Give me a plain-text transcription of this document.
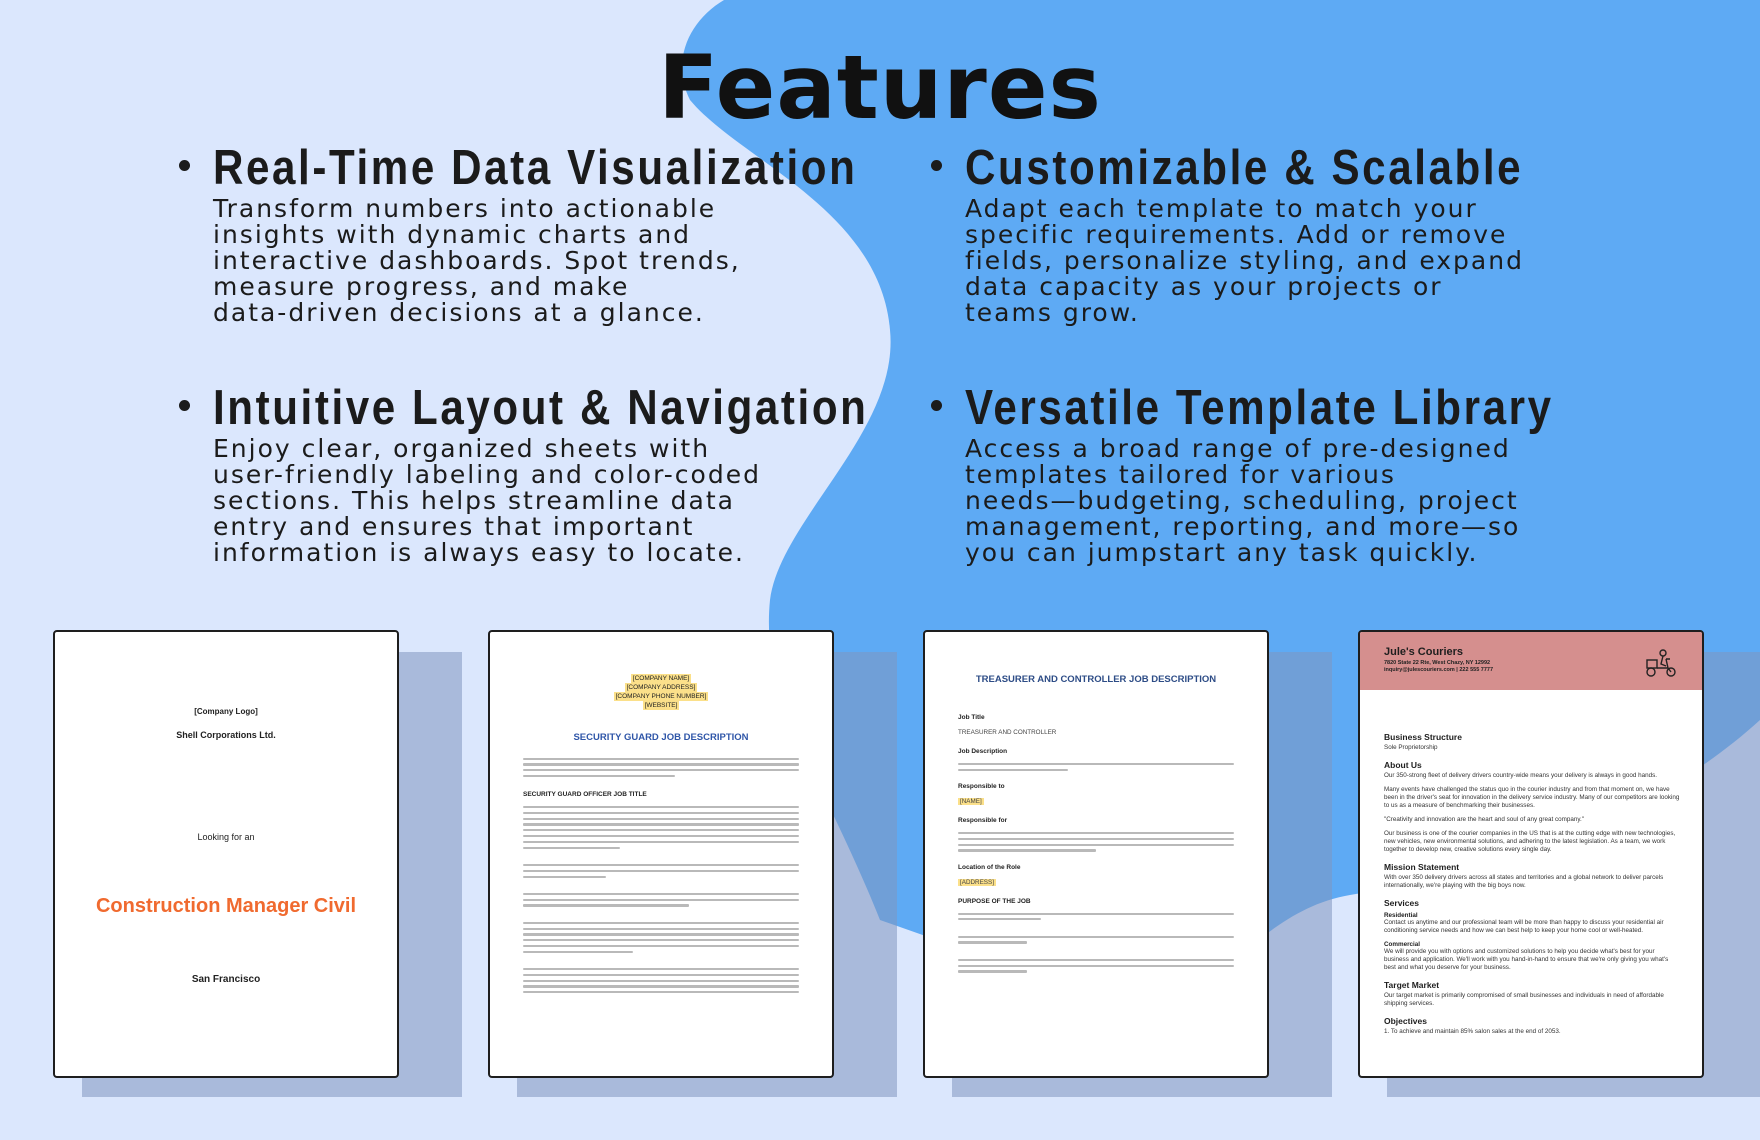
Features
Real-Time Data Visualization

Transform numbers into actionable
insights with dynamic charts and
interactive dashboards. Spot trends,
measure progress, and make
data-driven decisions at a glance.

Customizable & Scalable

Adapt each template to match your
specific requirements. Add or remove
fields, personalize styling, and expand
data capacity as your projects or
teams grow.

Intuitive Layout & Navigation

Enjoy clear, organized sheets with
user-friendly labeling and color-coded
sections. This helps streamline data
entry and ensures that important
information is always easy to locate.

Versatile Template Library

Access a broad range of pre-designed
templates tailored for various
needs—budgeting, scheduling, project
management, reporting, and more—so
you can jumpstart any task quickly.

[Company Logo]
Shell Corporations Ltd.
Looking for an
Construction Manager Civil
San Francisco
[COMPANY NAME]
[COMPANY ADDRESS]
[COMPANY PHONE NUMBER]
[WEBSITE]
SECURITY GUARD JOB DESCRIPTION
SECURITY GUARD OFFICER JOB TITLE
TREASURER AND CONTROLLER JOB DESCRIPTION
Job Title
TREASURER AND CONTROLLER
Job Description
Responsible to
[NAME]
Responsible for
Location of the Role
[ADDRESS]
PURPOSE OF THE JOB
Jule's Couriers
7820 State 22 Rte, West Chazy, NY 12992
inquiry@julescouriers.com | 222 555 7777
Business Structure
Sole Proprietorship
About Us
Our 350-strong fleet of delivery drivers country-wide means your delivery is always in good hands.
Many events have challenged the status quo in the courier industry and from that moment on, we have been in the driver's seat for innovation in the delivery service industry. Many of our competitors are looking to us as a measure of benchmarking their businesses.
"Creativity and innovation are the heart and soul of any great company."
Our business is one of the courier companies in the US that is at the cutting edge with new technologies, new vehicles, new environmental solutions, and adhering to the latest legislation. As a team, we work together to develop new, creative solutions every single day.
Mission Statement
With over 350 delivery drivers across all states and territories and a global network to deliver parcels internationally, we're playing with the big boys now.
Services
Residential
Contact us anytime and our professional team will be more than happy to discuss your residential air conditioning service needs and how we can best help to keep your home cool or well-heated.
Commercial
We will provide you with options and customized solutions to help you decide what's best for your business and application. We'll work with you hand-in-hand to ensure that we're only giving you what's best and what you deserve for your business.
Target Market
Our target market is primarily compromised of small businesses and individuals in need of affordable shipping services.
Objectives
1. To achieve and maintain 85% salon sales at the end of 2053.
